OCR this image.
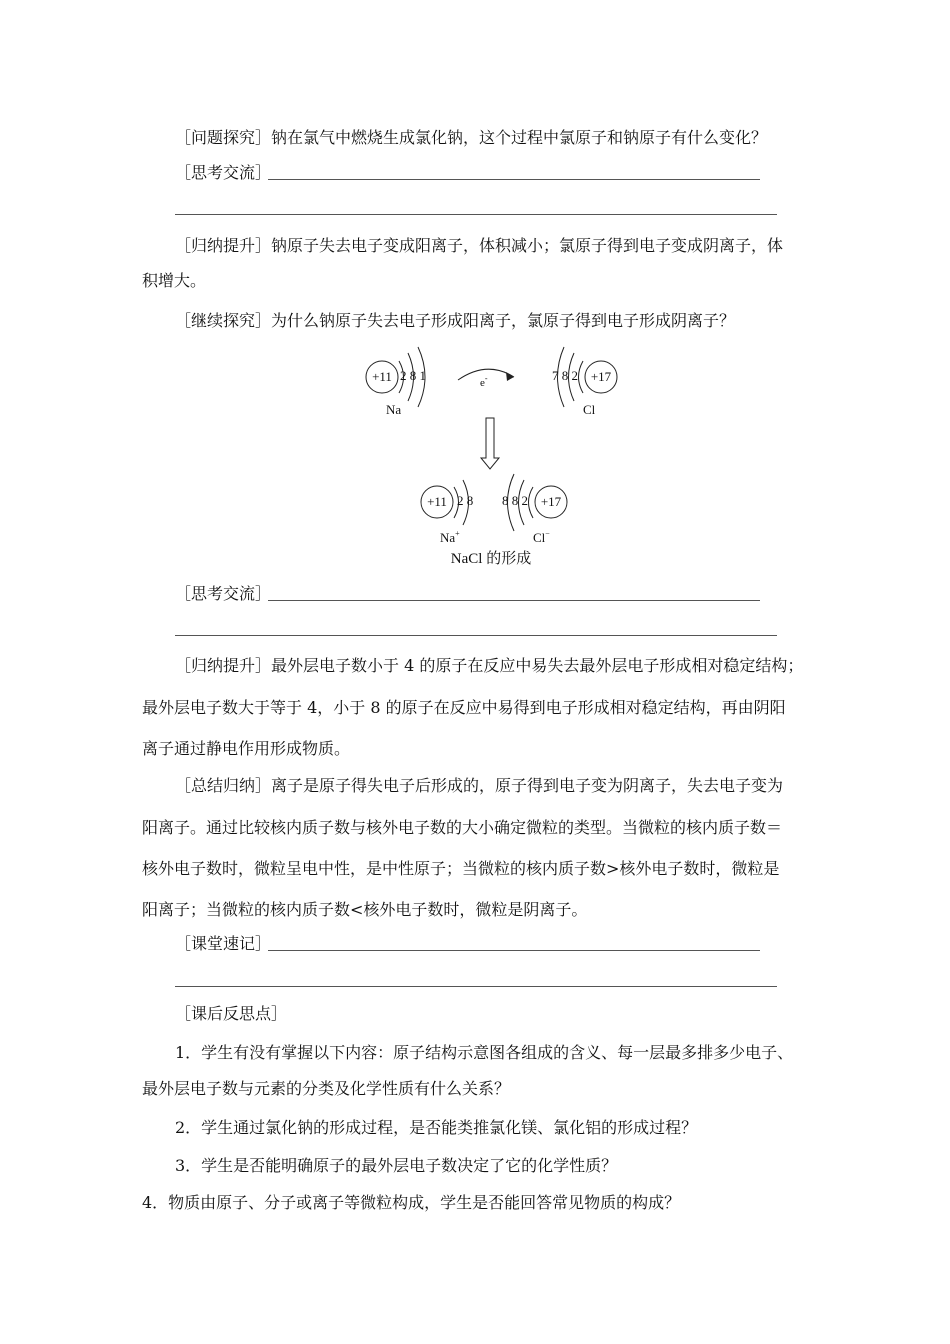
［问题探究］钠在氯气中燃烧生成氯化钠，这个过程中氯原子和钠原子有什么变化？
［思考交流］
［归纳提升］钠原子失去电子变成阳离子，体积减小；氯原子得到电子变成阴离子，体
积增大。
［继续探究］为什么钠原子失去电子形成阳离子，氯原子得到电子形成阴离子？
+11 2 8 1
Na
e-	7 8 2 +17
Cl
+11 2 8
Na+
8 8 2 +17
Cl−
NaCl 的形成
［思考交流］
［归纳提升］最外层电子数小于 4 的原子在反应中易失去最外层电子形成相对稳定结构；
最外层电子数大于等于 4，小于 8 的原子在反应中易得到电子形成相对稳定结构，再由阴阳
离子通过静电作用形成物质。
［总结归纳］离子是原子得失电子后形成的，原子得到电子变为阴离子，失去电子变为
阳离子。通过比较核内质子数与核外电子数的大小确定微粒的类型。当微粒的核内质子数＝
核外电子数时，微粒呈电中性，是中性原子；当微粒的核内质子数>核外电子数时，微粒是
阳离子；当微粒的核内质子数<核外电子数时，微粒是阴离子。
［课堂速记］
［课后反思点］
1．学生有没有掌握以下内容：原子结构示意图各组成的含义、每一层最多排多少电子、
最外层电子数与元素的分类及化学性质有什么关系？
2．学生通过氯化钠的形成过程，是否能类推氯化镁、氯化铝的形成过程？
3．学生是否能明确原子的最外层电子数决定了它的化学性质？
4．物质由原子、分子或离子等微粒构成，学生是否能回答常见物质的构成？
